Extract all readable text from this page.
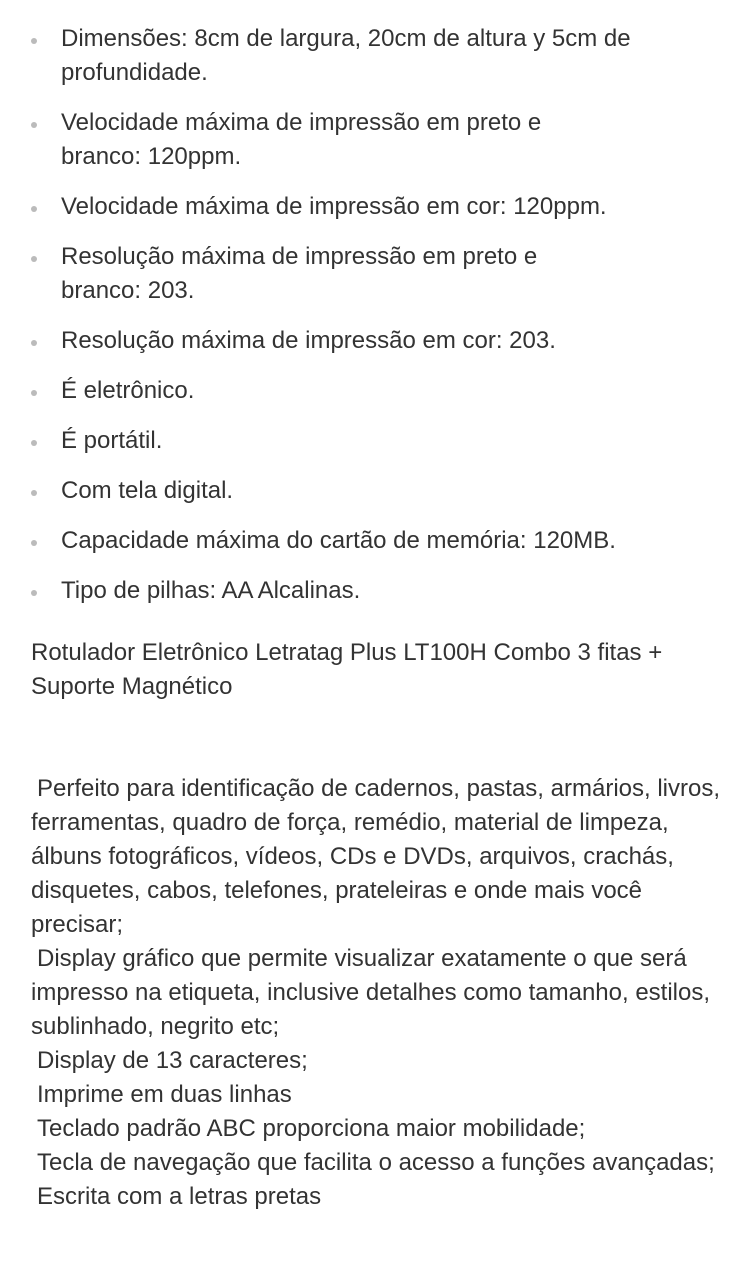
Dimensões: 8cm de largura, 20cm de altura y 5cm de profundidade.
Velocidade máxima de impressão em preto e branco: 120ppm.
Velocidade máxima de impressão em cor: 120ppm.
Resolução máxima de impressão em preto e branco: 203.
Resolução máxima de impressão em cor: 203.
É eletrônico.
É portátil.
Com tela digital.
Capacidade máxima do cartão de memória: 120MB.
Tipo de pilhas: AA Alcalinas.
Rotulador Eletrônico Letratag Plus LT100H Combo 3 fitas + Suporte Magnético

Perfeito para identificação de cadernos, pastas, armários, livros, ferramentas, quadro de força, remédio, material de limpeza, álbuns fotográficos, vídeos, CDs e DVDs, arquivos, crachás, disquetes, cabos, telefones, prateleiras e onde mais você precisar;

Display gráfico que permite visualizar exatamente o que será impresso na etiqueta, inclusive detalhes como tamanho, estilos, sublinhado, negrito etc;

Display de 13 caracteres;

Imprime em duas linhas

Teclado padrão ABC proporciona maior mobilidade;

Tecla de navegação que facilita o acesso a funções avançadas;

Escrita com a letras pretas
